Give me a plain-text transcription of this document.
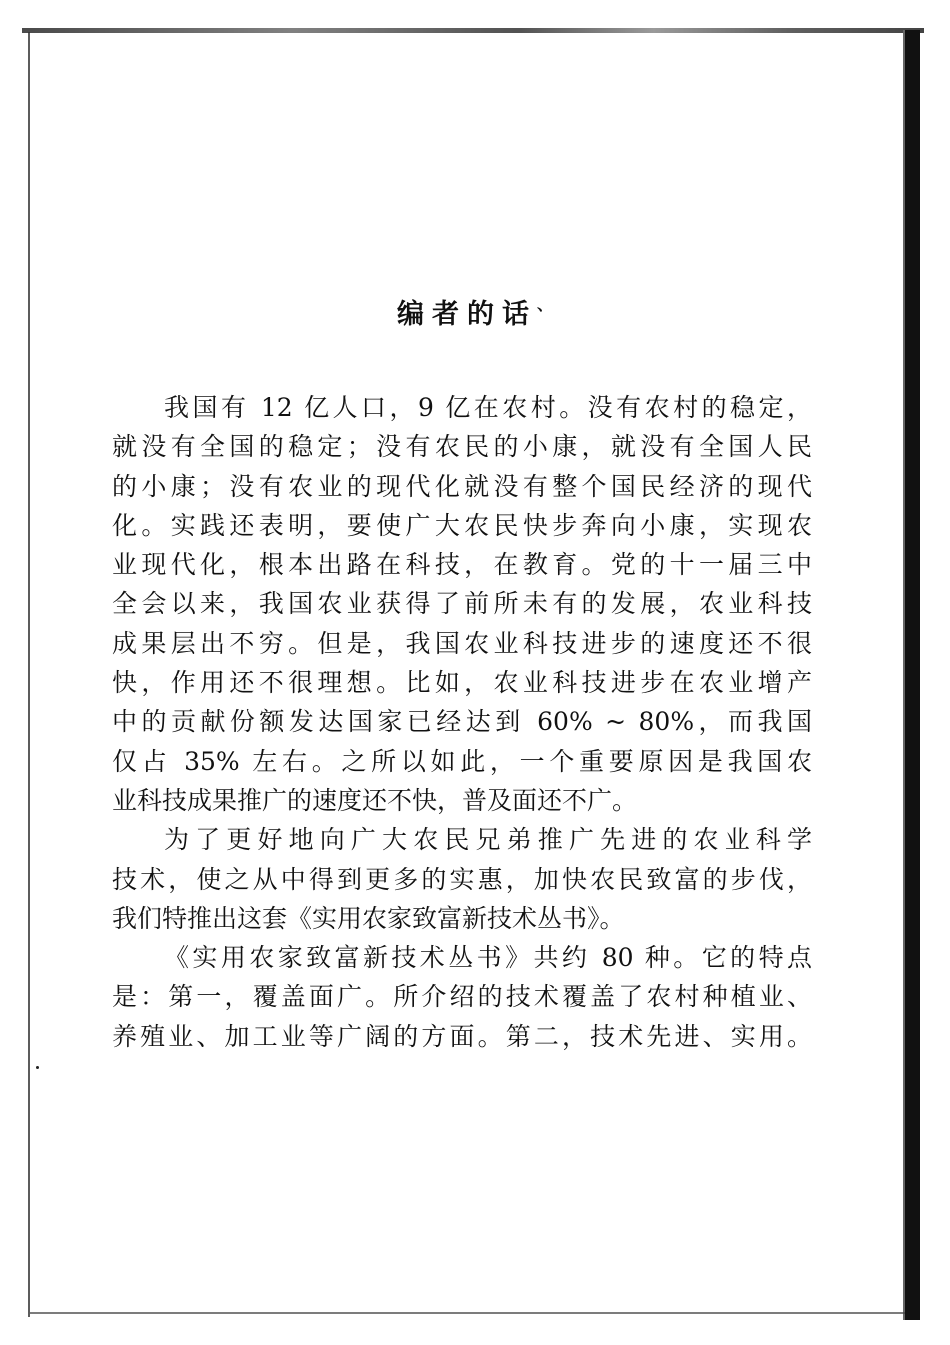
编者的话、
我国有 12 亿人口，9 亿在农村。没有农村的稳定，
就没有全国的稳定；没有农民的小康，就没有全国人民
的小康；没有农业的现代化就没有整个国民经济的现代
化。实践还表明，要使广大农民快步奔向小康，实现农
业现代化，根本出路在科技，在教育。党的十一届三中
全会以来，我国农业获得了前所未有的发展，农业科技
成果层出不穷。但是，我国农业科技进步的速度还不很
快，作用还不很理想。比如，农业科技进步在农业增产
中的贡献份额发达国家已经达到 60% ~ 80%，而我国
仅占 35% 左右。之所以如此，一个重要原因是我国农
业科技成果推广的速度还不快，普及面还不广。
为了更好地向广大农民兄弟推广先进的农业科学
技术，使之从中得到更多的实惠，加快农民致富的步伐，
我们特推出这套《实用农家致富新技术丛书》。
《实用农家致富新技术丛书》共约 80 种。它的特点
是：第一，覆盖面广。所介绍的技术覆盖了农村种植业、
养殖业、加工业等广阔的方面。第二，技术先进、实用。
